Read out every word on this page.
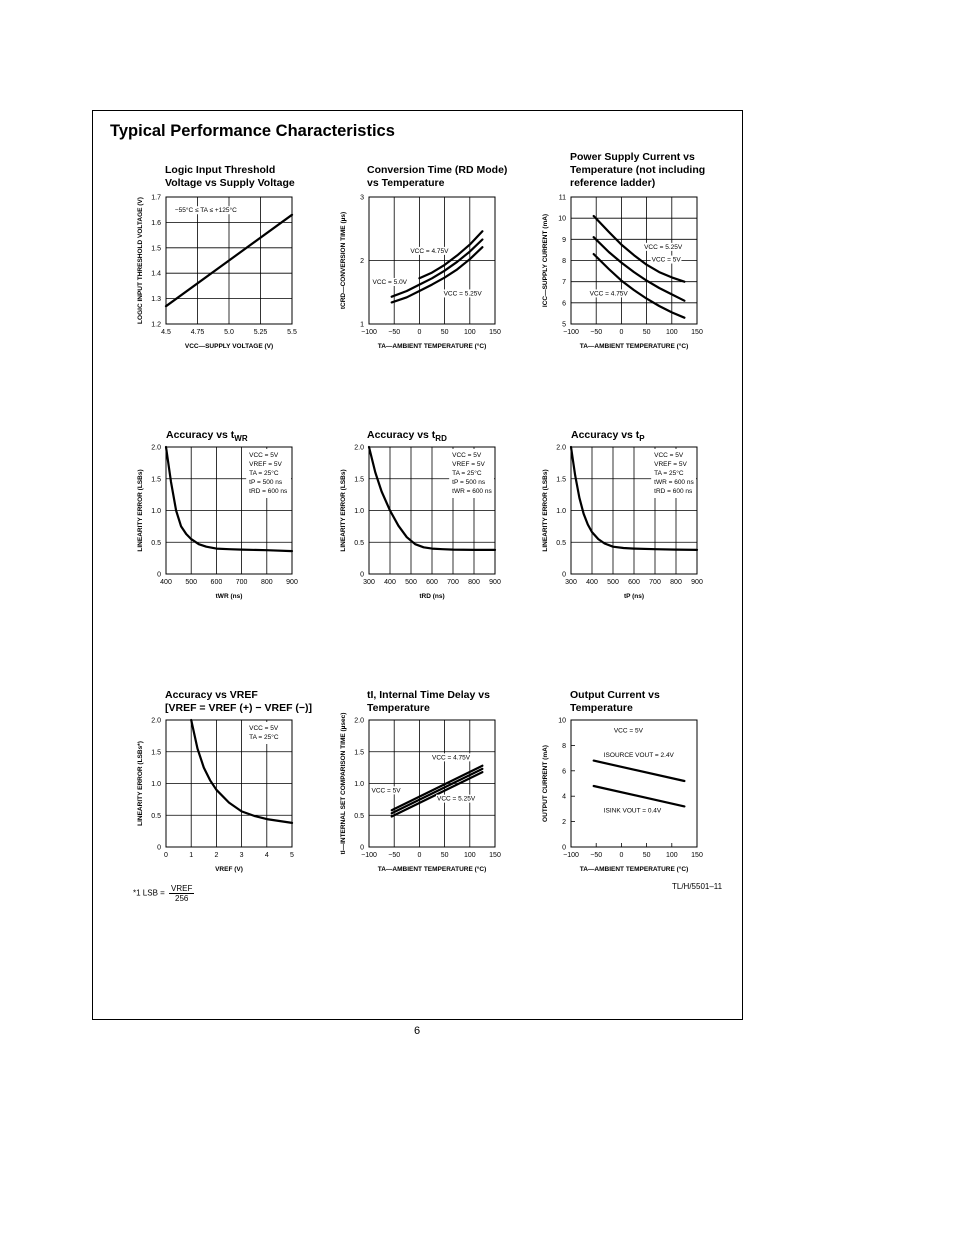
Typical Performance Characteristics
Logic Input Threshold
Voltage vs Supply Voltage
Conversion Time (RD Mode)
vs Temperature
Power Supply Current vs
Temperature (not including
reference ladder)
Accuracy vs $t_{WR}$	Accuracy vs $t_{RD}$	Accuracy vs $t_P$
Accuracy vs VREF
[VREF = VREF (+) − VREF (−)]
tI, Internal Time Delay vs
Temperature
Output Current vs
Temperature
4.5	4.75	5.0	5.25	5.5
1.2
1.3
1.4
1.5
1.6
1.7
VCC—SUPPLY VOLTAGE (V)
LOGIC INPUT THRESHOLD VOLTAGE (V)	−55°C ≤ TA ≤ +125°C
−100 −50 0	50 100 150
1
2
3
TA—AMBIENT TEMPERATURE (°C)
tCRD—CONVERSION TIME (µs)	VCC = 4.75V
VCC = 5.0V
VCC = 5.25V
−100 −50 0	50 100 150
5
6
7
8
9
10
11
TA—AMBIENT TEMPERATURE (°C)
ICC—SUPPLY CURRENT (mA)	VCC = 5.25V
VCC = 5V
VCC = 4.75V
400 500 600 700 800 900
0
0.5
1.0
1.5
2.0
tWR (ns)
LINEARITY ERROR (LSBs)
VCC = 5V
VREF = 5V
TA = 25°C
tP = 500 ns
tRD = 600 ns
300 400 500 600 700 800 900
0
0.5
1.0
1.5
2.0
tRD (ns)
LINEARITY ERROR (LSBs)
VCC = 5V
VREF = 5V
TA = 25°C
tP = 500 ns
tWR = 600 ns
300 400 500 600 700 800 900
0
0.5
1.0
1.5
2.0
tP (ns)
LINEARITY ERROR (LSBs)
VCC = 5V
VREF = 5V
TA = 25°C
tWR = 600 ns
tRD = 600 ns
0	1	2	3	4	5
0
0.5
1.0
1.5
2.0
VREF (V)
LINEARITY ERROR (LSBs*)
VCC = 5V
TA = 25°C
−100 −50 0	50 100 150
0
0.5
1.0
1.5
2.0
TA—AMBIENT TEMPERATURE (°C)
tI—INTERNAL SET COMPARISON TIME (µsec)	VCC = 4.75V
VCC = 5V
VCC = 5.25V
−100 −50 0	50 100 150
0
2
4
6
8
10
TA—AMBIENT TEMPERATURE (°C)
OUTPUT CURRENT (mA)
VCC = 5V
ISOURCE VOUT = 2.4V
ISINK VOUT = 0.4V
*1 LSB =
VREF
256
TL/H/5501–11
6
